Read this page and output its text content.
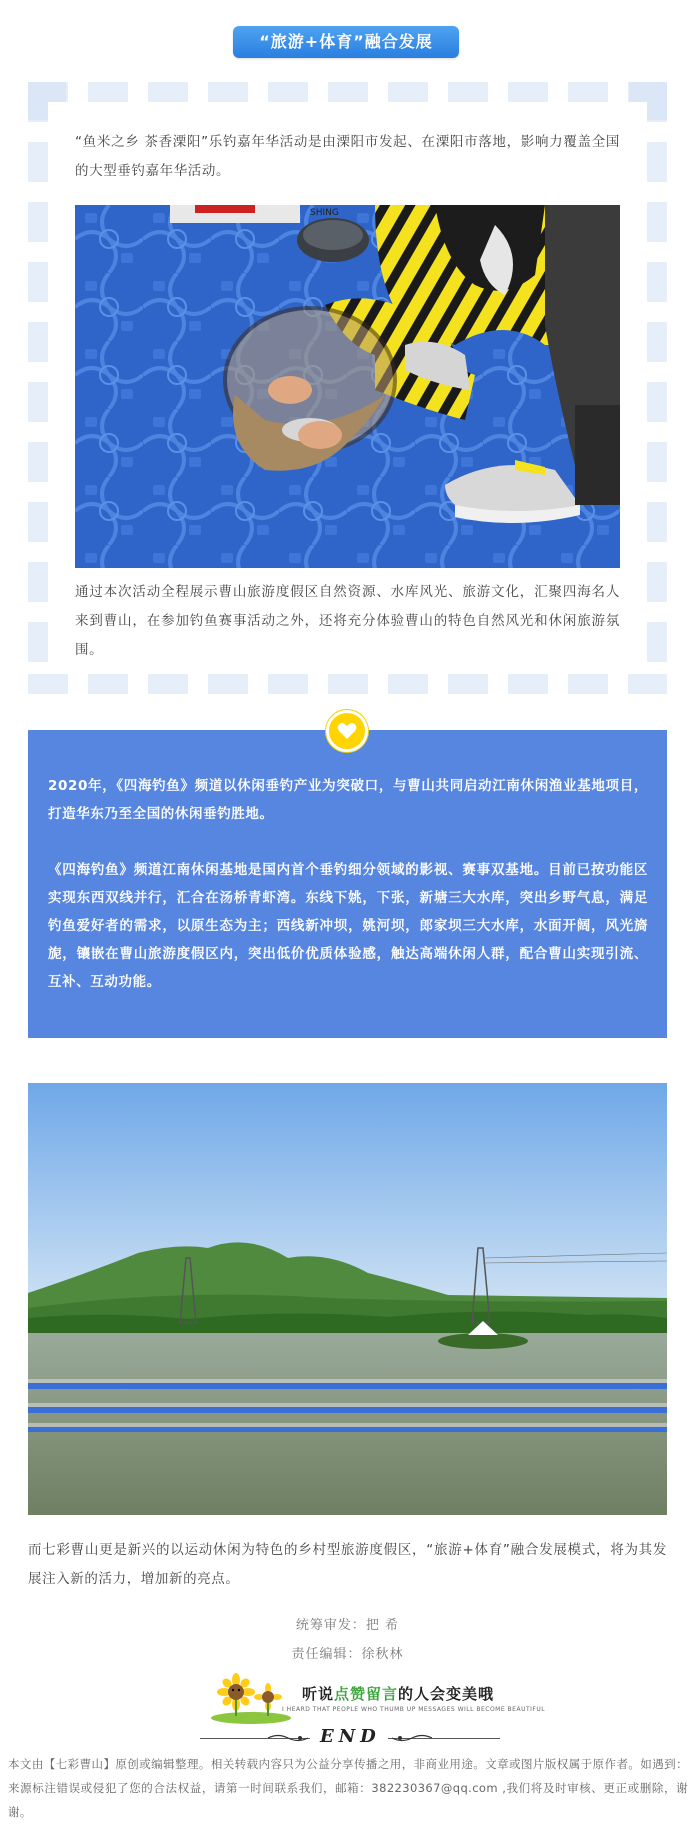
“旅游+体育”融合发展

“鱼米之乡 茶香溧阳”乐钓嘉年华活动是由溧阳市发起、在溧阳市落地，影响力覆盖全国的大型垂钓嘉年华活动。

SHING

通过本次活动全程展示曹山旅游度假区自然资源、水库风光、旅游文化，汇聚四海名人来到曹山，在参加钓鱼赛事活动之外，还将充分体验曹山的特色自然风光和休闲旅游氛围。

2020年，《四海钓鱼》频道以休闲垂钓产业为突破口，与曹山共同启动江南休闲渔业基地项目，打造华东乃至全国的休闲垂钓胜地。

《四海钓鱼》频道江南休闲基地是国内首个垂钓细分领域的影视、赛事双基地。目前已按功能区实现东西双线并行，汇合在汤桥青虾湾。东线下姚，下张，新塘三大水库，突出乡野气息，满足钓鱼爱好者的需求，以原生态为主；西线新冲坝，姚河坝，郎家坝三大水库，水面开阔，风光旖旎，镶嵌在曹山旅游度假区内，突出低价优质体验感，触达高端休闲人群，配合曹山实现引流、互补、互动功能。

而七彩曹山更是新兴的以运动休闲为特色的乡村型旅游度假区，“旅游+体育”融合发展模式，将为其发展注入新的活力，增加新的亮点。

统筹审发：把 希

责任编辑：徐秋林

听说点赞留言的人会变美哦
I HEARD THAT PEOPLE WHO THUMB UP MESSAGES WILL BECOME BEAUTIFUL
END

本文由【七彩曹山】原创或编辑整理。相关转载内容只为公益分享传播之用，非商业用途。文章或图片版权属于原作者。如遇到：来源标注错误或侵犯了您的合法权益，请第一时间联系我们，邮箱：382230367@qq.com ,我们将及时审核、更正或删除，谢谢。
